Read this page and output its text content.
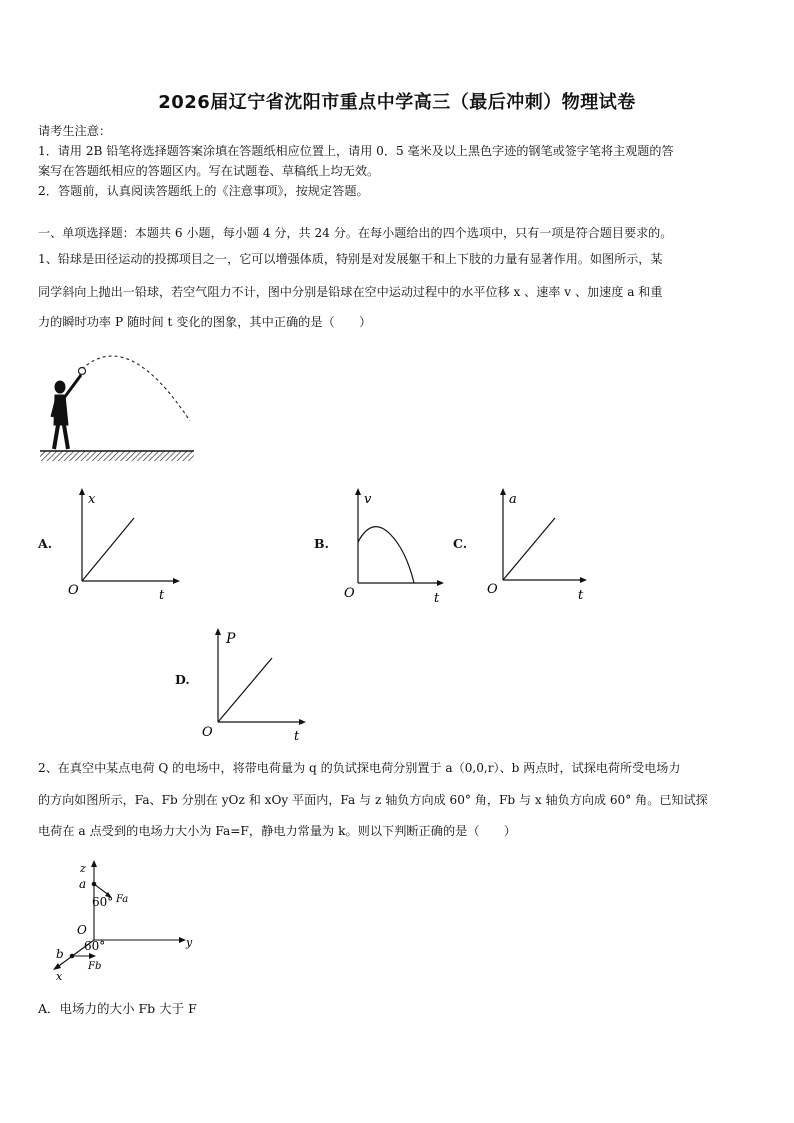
2026届辽宁省沈阳市重点中学高三（最后冲刺）物理试卷
请考生注意：
1．请用 2B 铅笔将选择题答案涂填在答题纸相应位置上，请用 0．5 毫米及以上黑色字迹的钢笔或签字笔将主观题的答
案写在答题纸相应的答题区内。写在试题卷、草稿纸上均无效。
2．答题前，认真阅读答题纸上的《注意事项》，按规定答题。
一、单项选择题：本题共 6 小题，每小题 4 分，共 24 分。在每小题给出的四个选项中，只有一项是符合题目要求的。
1、铅球是田径运动的投掷项目之一，它可以增强体质，特别是对发展躯干和上下肢的力量有显著作用。如图所示，某
同学斜向上抛出一铅球，若空气阻力不计，图中分别是铅球在空中运动过程中的水平位移 x 、速率 v 、加速度 a 和重
力的瞬时功率 P 随时间 t 变化的图象，其中正确的是（　　）
A.
x
t
O
B.
v
t
O
C.
a
t
O
D.
P
t
O
2、在真空中某点电荷 Q 的电场中，将带电荷量为 q 的负试探电荷分别置于 a（0,0,r）、b 两点时，试探电荷所受电场力
的方向如图所示，Fa、Fb 分别在 yOz 和 xOy 平面内，Fa 与 z 轴负方向成 60° 角，Fb 与 x 轴负方向成 60° 角。已知试探
电荷在 a 点受到的电场力大小为 Fa=F，静电力常量为 k。则以下判断正确的是（　　）
z
y
x
O
a
b
60°
60°
Fa
Fb
A．电场力的大小 Fb 大于 F
